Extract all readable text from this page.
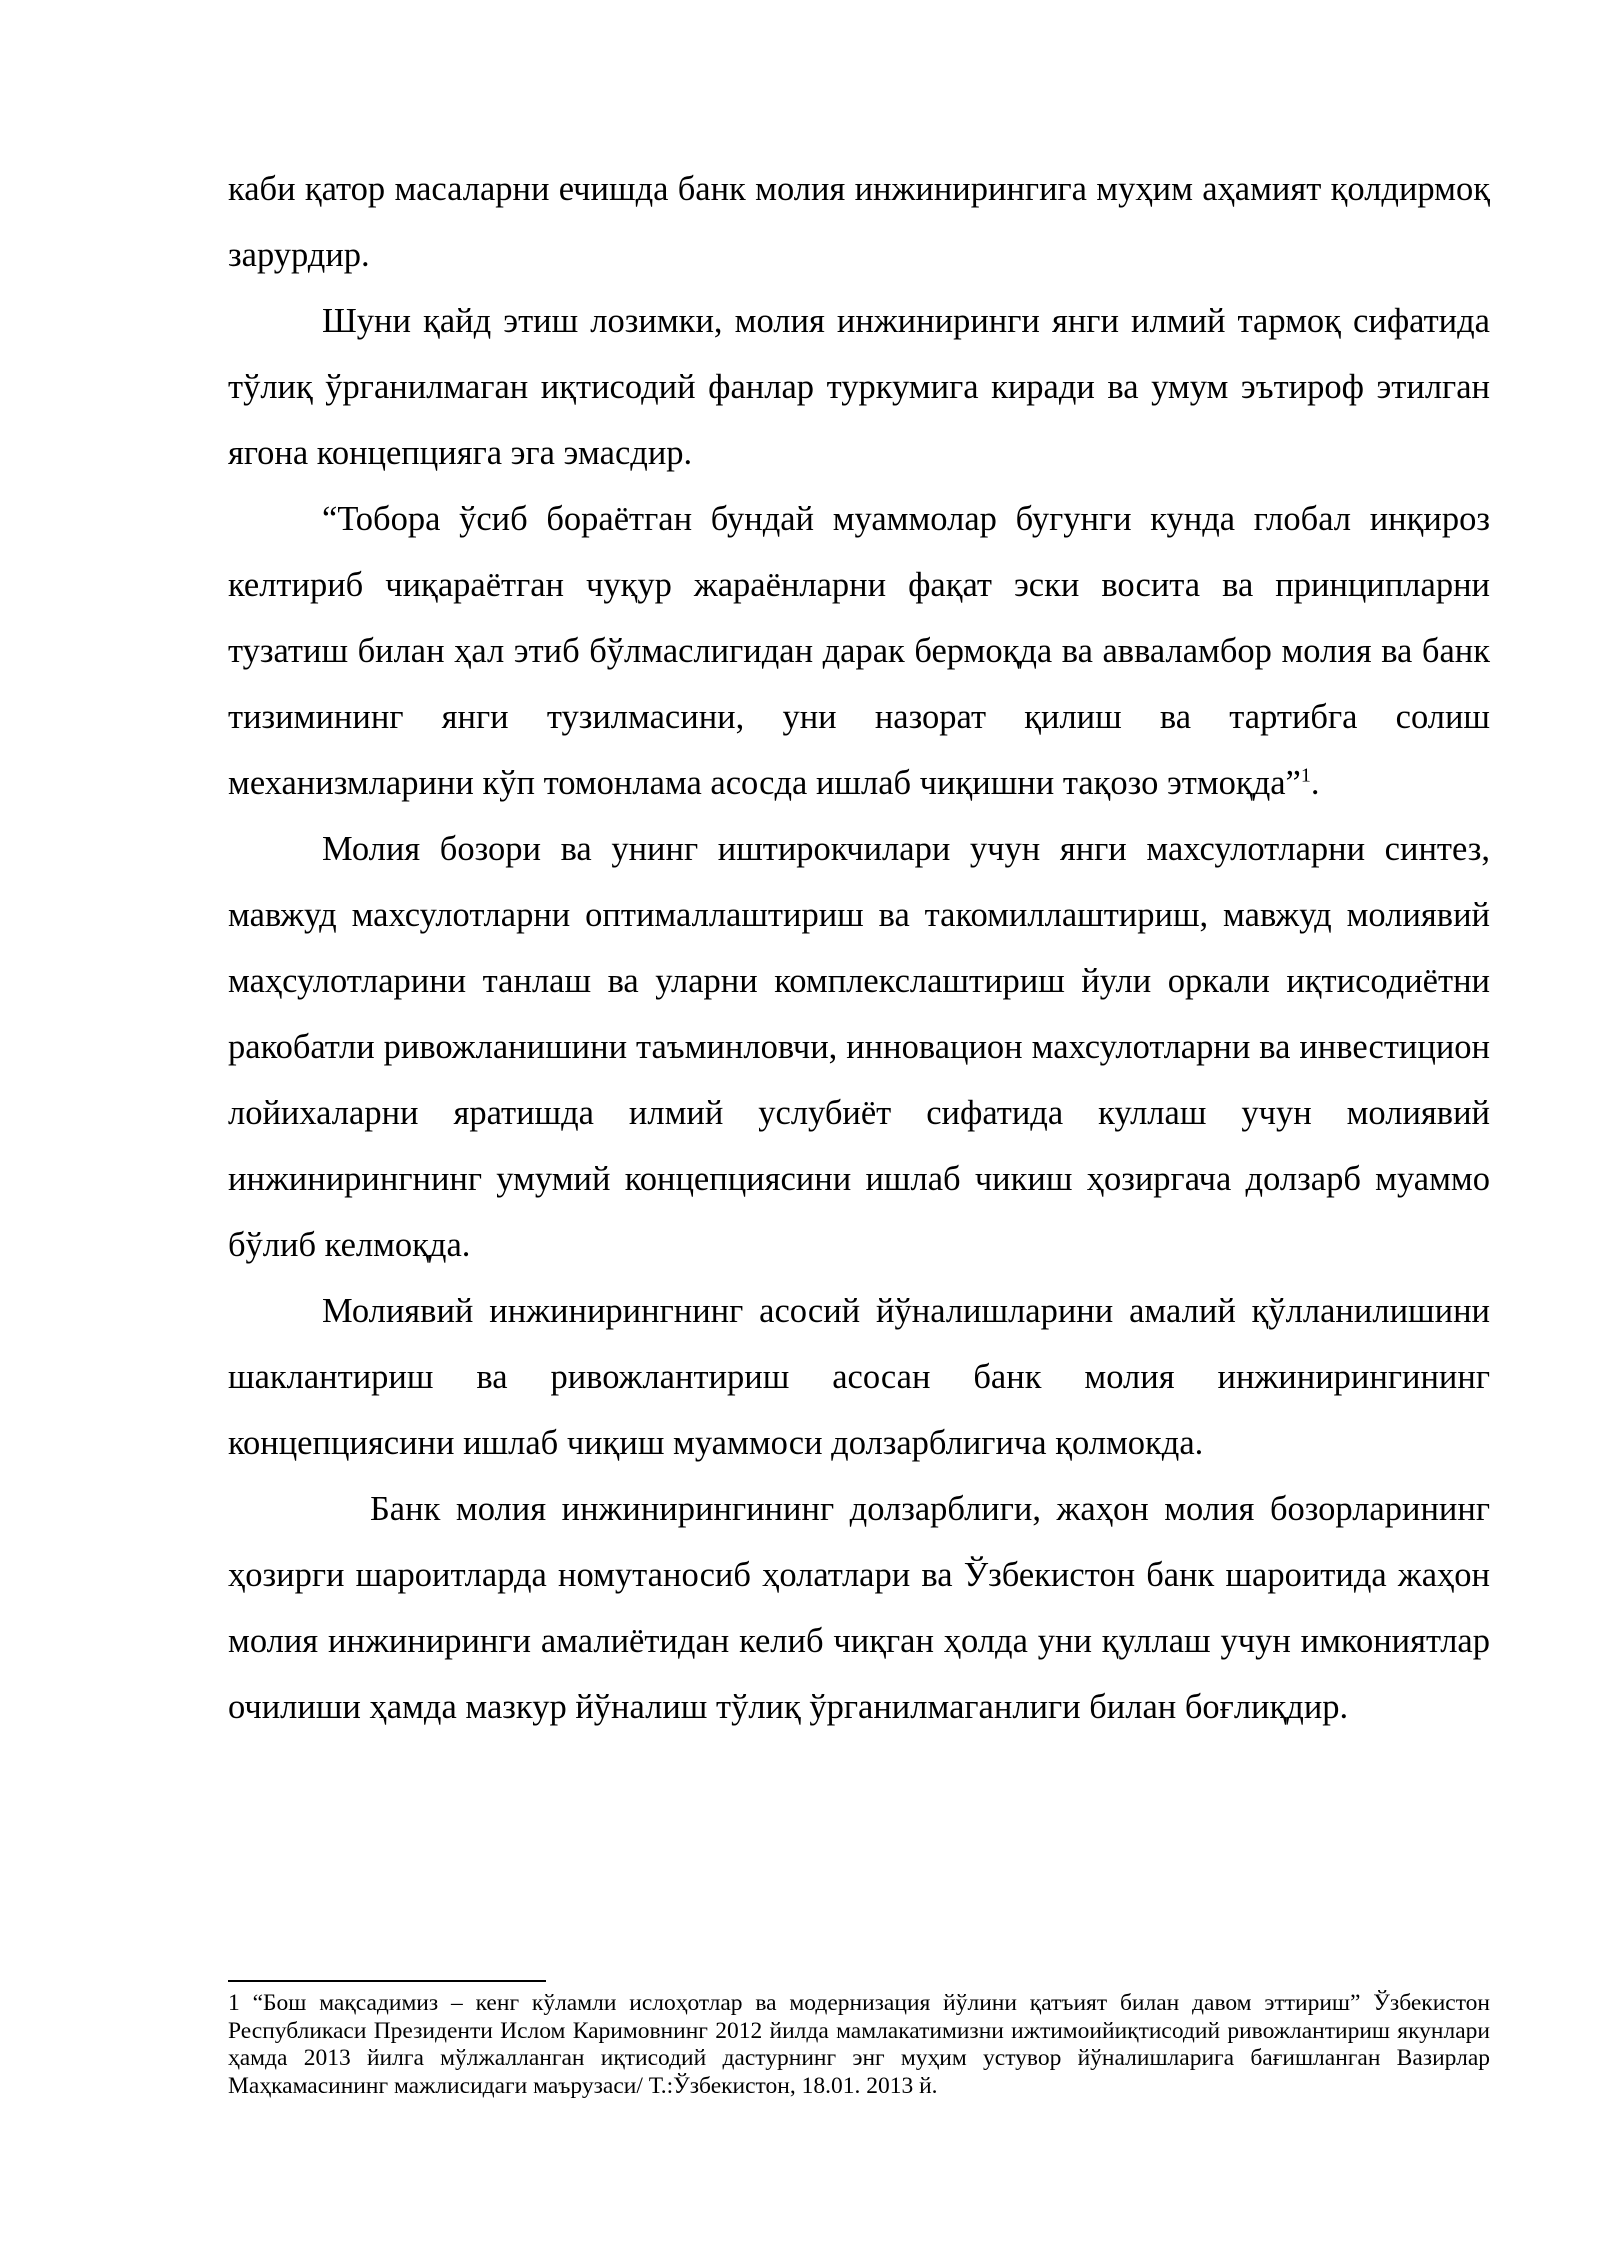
каби қатор масаларни ечишда банк молия инжинирингига муҳим аҳамият қолдирмоқ зарурдир.

Шуни қайд этиш лозимки, молия инжиниринги янги илмий тармоқ сифатида тўлиқ ўрганилмаган иқтисодий фанлар туркумига киради ва умум эътироф этилган ягона концепцияга эга эмасдир.

“Тобора ўсиб бораётган бундай муаммолар бугунги кунда глобал инқироз келтириб чиқараётган чуқур жараёнларни фақат эски восита ва принципларни тузатиш билан ҳал этиб бўлмаслигидан дарак бермоқда ва авваламбор молия ва банк тизимининг янги тузилмасини, уни назорат қилиш ва тартибга солиш механизмларини кўп томонлама асосда ишлаб чиқишни тақозо этмоқда”$^1$.

Молия бозори ва унинг иштирокчилари учун янги махсулотларни синтез, мавжуд махсулотларни оптималлаштириш ва такомиллаштириш, мавжуд молиявий маҳсулотларини танлаш ва уларни комплекслаштириш йули оркали иқтисодиётни ракобатли ривожланишини таъминловчи, инновацион махсулотларни ва инвестицион лойихаларни яратишда илмий услубиёт сифатида куллаш учун молиявий инжинирингнинг умумий концепциясини ишлаб чикиш ҳозиргача долзарб муаммо бўлиб келмоқда.

Молиявий инжинирингнинг асосий йўналишларини амалий қўлланилишини шаклантириш ва ривожлантириш асосан банк молия инжинирингининг концепциясини ишлаб чиқиш муаммоси долзарблигича қолмокда.

Банк молия инжинирингининг долзарблиги, жаҳон молия бозорларининг ҳозирги шароитларда номутаносиб ҳолатлари ва Ўзбекистон банк шароитида жаҳон молия инжиниринги амалиётидан келиб чиқган ҳолда уни қуллаш учун имкониятлар очилиши ҳамда мазкур йўналиш тўлиқ ўрганилмаганлиги билан боғлиқдир.

1 “Бош мақсадимиз – кенг кўламли ислоҳотлар ва модернизация йўлини қатъият билан давом эттириш” Ўзбекистон Республикаси Президенти Ислом Каримовнинг 2012 йилда мамлакатимизни ижтимоийиқтисодий ривожлантириш якунлари ҳамда 2013 йилга мўлжалланган иқтисодий дастурнинг энг муҳим устувор йўналишларига бағишланган Вазирлар Маҳкамасининг мажлисидаги маърузаси/ Т.:Ўзбекистон, 18.01. 2013 й.
